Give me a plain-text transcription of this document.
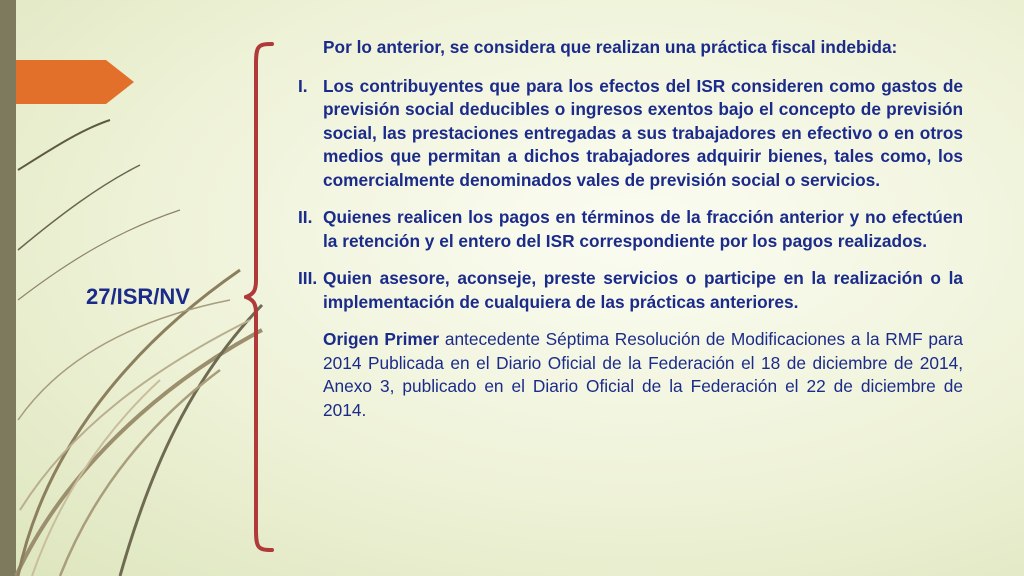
27/ISR/NV

Por lo anterior, se considera que realizan una práctica fiscal indebida:

I. Los contribuyentes que para los efectos del ISR consideren como gastos de previsión social deducibles o ingresos exentos bajo el concepto de previsión social, las prestaciones entregadas a sus trabajadores en efectivo o en otros medios que permitan a dichos trabajadores adquirir bienes, tales como, los comercialmente denominados vales de previsión social o servicios.

II. Quienes realicen los pagos en términos de la fracción anterior y no efectúen la retención y el entero del ISR correspondiente por los pagos realizados.

III. Quien asesore, aconseje, preste servicios o participe en la realización o la implementación de cualquiera de las prácticas anteriores.

Origen Primer antecedente Séptima Resolución de Modificaciones a la RMF para 2014 Publicada en el Diario Oficial de la Federación el 18 de diciembre de 2014, Anexo 3, publicado en el Diario Oficial de la Federación el 22 de diciembre de 2014.
